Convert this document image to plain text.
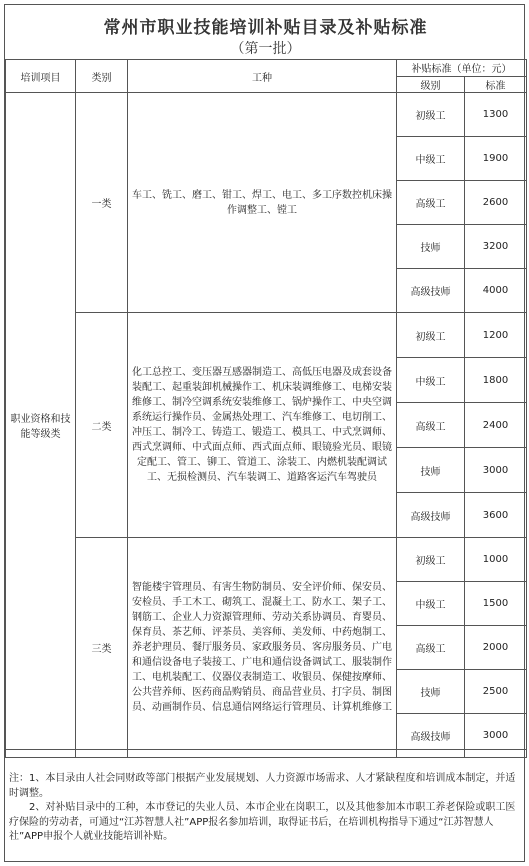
常州市职业技能培训补贴目录及补贴标准
（第一批）
培训项目	类别	工种	补贴标准（单位：元）	
			级别	标准
职业资格和技能等级类	一类	车工、铣工、磨工、钳工、焊工、电工、多工序数控机床操作调整工、镗工	初级工	1300
			中级工	1900
			高级工	2600
			技师	3200
			高级技师	4000
	二类	化工总控工、变压器互感器制造工、高低压电器及成套设备装配工、起重装卸机械操作工、机床装调维修工、电梯安装维修工、制冷空调系统安装维修工、锅炉操作工、中央空调系统运行操作员、金属热处理工、汽车维修工、电切削工、冲压工、制冷工、铸造工、锻造工、模具工、中式烹调师、西式烹调师、中式面点师、西式面点师、眼镜验光员、眼镜定配工、管工、铆工、管道工、涂装工、内燃机装配调试工、无损检测员、汽车装调工、道路客运汽车驾驶员	初级工	1200
			中级工	1800
			高级工	2400
			技师	3000
			高级技师	3600
	三类	智能楼宇管理员、有害生物防制员、安全评价师、保安员、安检员、手工木工、砌筑工、混凝土工、防水工、架子工、钢筋工、企业人力资源管理师、劳动关系协调员、育婴员、保育员、茶艺师、评茶员、美容师、美发师、中药炮制工、养老护理员、餐厅服务员、家政服务员、客房服务员、广电和通信设备电子装接工、广电和通信设备调试工、服装制作工、电机装配工、仪器仪表制造工、收银员、保健按摩师、公共营养师、医药商品购销员、商品营业员、打字员、制图员、动画制作员、信息通信网络运行管理员、计算机维修工	初级工	1000
			中级工	1500
			高级工	2000
			技师	2500
			高级技师	3000

注：1、本目录由人社会同财政等部门根据产业发展规划、人力资源市场需求、人才紧缺程度和培训成本制定，并适时调整。

　　2、对补贴目录中的工种，本市登记的失业人员、本市企业在岗职工，以及其他参加本市职工养老保险或职工医疗保险的劳动者，可通过“江苏智慧人社”APP报名参加培训，取得证书后，在培训机构指导下通过“江苏智慧人社”APP申报个人就业技能培训补贴。
